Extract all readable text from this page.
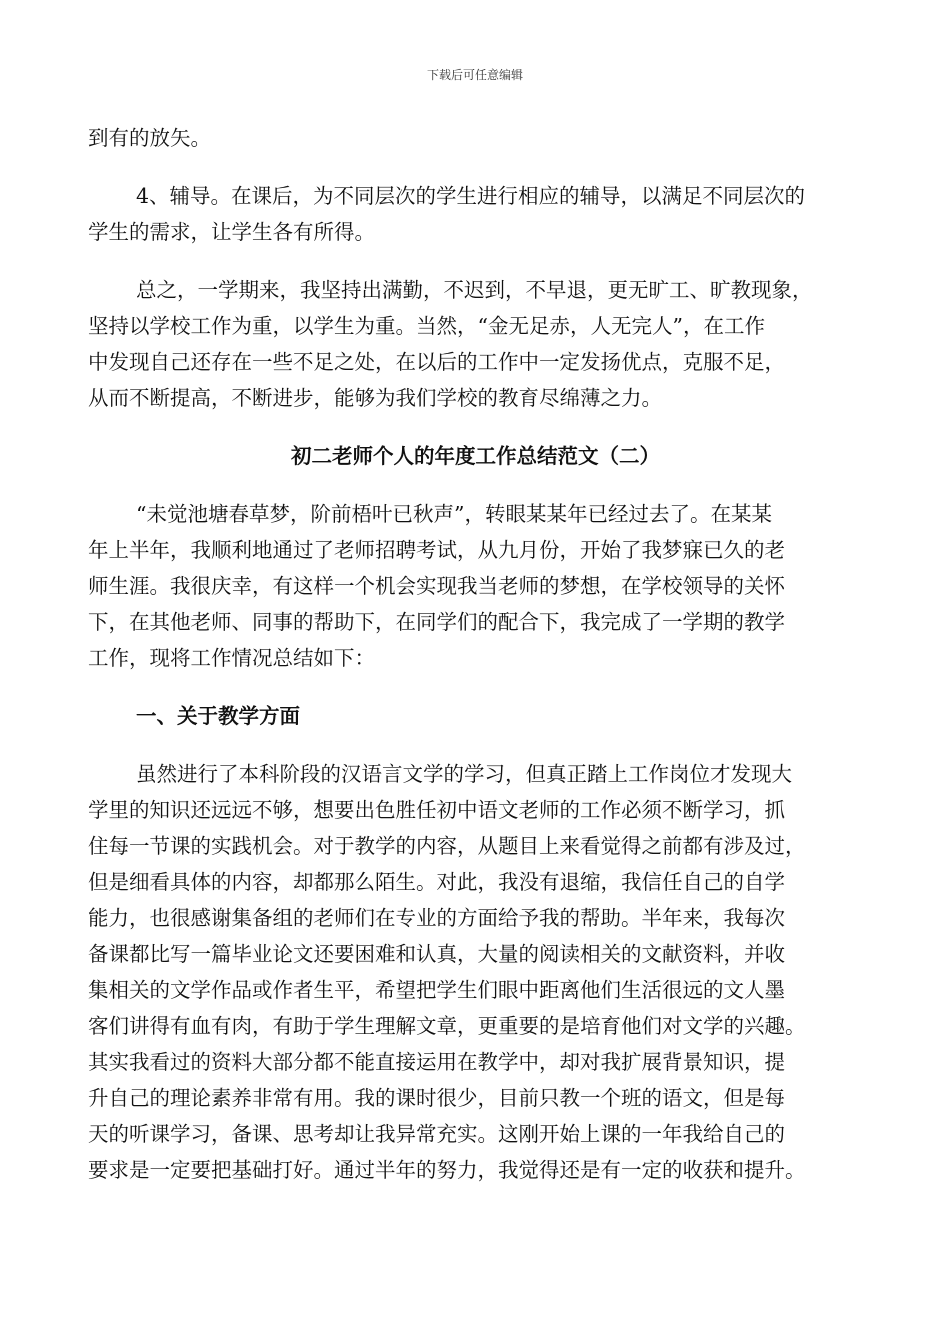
下载后可任意编辑
到有的放矢。
4、辅导。在课后，为不同层次的学生进行相应的辅导，以满足不同层次的
学生的需求，让学生各有所得。
总之，一学期来，我坚持出满勤，不迟到，不早退，更无旷工、旷教现象，
坚持以学校工作为重，以学生为重。当然，“金无足赤，人无完人”，在工作
中发现自己还存在一些不足之处，在以后的工作中一定发扬优点，克服不足，
从而不断提高，不断进步，能够为我们学校的教育尽绵薄之力。
初二老师个人的年度工作总结范文（二）
“未觉池塘春草梦，阶前梧叶已秋声”，转眼某某年已经过去了。在某某
年上半年，我顺利地通过了老师招聘考试，从九月份，开始了我梦寐已久的老
师生涯。我很庆幸，有这样一个机会实现我当老师的梦想，在学校领导的关怀
下，在其他老师、同事的帮助下，在同学们的配合下，我完成了一学期的教学
工作，现将工作情况总结如下：
一、关于教学方面
虽然进行了本科阶段的汉语言文学的学习，但真正踏上工作岗位才发现大
学里的知识还远远不够，想要出色胜任初中语文老师的工作必须不断学习，抓
住每一节课的实践机会。对于教学的内容，从题目上来看觉得之前都有涉及过，
但是细看具体的内容，却都那么陌生。对此，我没有退缩，我信任自己的自学
能力，也很感谢集备组的老师们在专业的方面给予我的帮助。半年来，我每次
备课都比写一篇毕业论文还要困难和认真，大量的阅读相关的文献资料，并收
集相关的文学作品或作者生平，希望把学生们眼中距离他们生活很远的文人墨
客们讲得有血有肉，有助于学生理解文章，更重要的是培育他们对文学的兴趣。
其实我看过的资料大部分都不能直接运用在教学中，却对我扩展背景知识，提
升自己的理论素养非常有用。我的课时很少，目前只教一个班的语文，但是每
天的听课学习，备课、思考却让我异常充实。这刚开始上课的一年我给自己的
要求是一定要把基础打好。通过半年的努力，我觉得还是有一定的收获和提升。
